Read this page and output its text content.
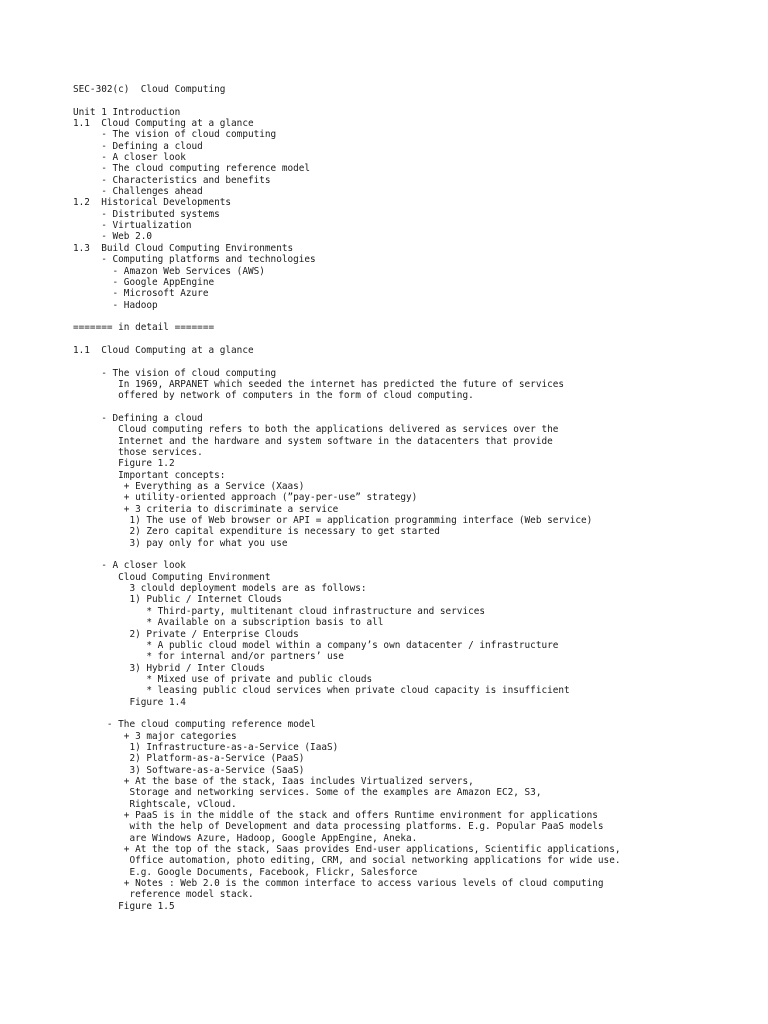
SEC-302(c)  Cloud Computing
Unit 1 Introduction
1.1  Cloud Computing at a glance
- The vision of cloud computing
- Defining a cloud
- A closer look
- The cloud computing reference model
- Characteristics and benefits
- Challenges ahead
1.2  Historical Developments
- Distributed systems
- Virtualization
- Web 2.0
1.3  Build Cloud Computing Environments
- Computing platforms and technologies
- Amazon Web Services (AWS)
- Google AppEngine
- Microsoft Azure
- Hadoop
======= in detail =======
1.1  Cloud Computing at a glance
- The vision of cloud computing
In 1969, ARPANET which seeded the internet has predicted the future of services
offered by network of computers in the form of cloud computing.
- Defining a cloud
Cloud computing refers to both the applications delivered as services over the
Internet and the hardware and system software in the datacenters that provide
those services.
Figure 1.2
Important concepts:
+ Everything as a Service (Xaas)
+ utility-oriented approach (”pay-per-use” strategy)
+ 3 criteria to discriminate a service
1) The use of Web browser or API = application programming interface (Web service)
2) Zero capital expenditure is necessary to get started
3) pay only for what you use
- A closer look
Cloud Computing Environment
3 clould deployment models are as follows:
1) Public / Internet Clouds
* Third-party, multitenant cloud infrastructure and services
* Available on a subscription basis to all
2) Private / Enterprise Clouds
* A public cloud model within a company’s own datacenter / infrastructure
* for internal and/or partners’ use
3) Hybrid / Inter Clouds
* Mixed use of private and public clouds
* leasing public cloud services when private cloud capacity is insufficient
Figure 1.4
- The cloud computing reference model
+ 3 major categories
1) Infrastructure-as-a-Service (IaaS)
2) Platform-as-a-Service (PaaS)
3) Software-as-a-Service (SaaS)
+ At the base of the stack, Iaas includes Virtualized servers,
Storage and networking services. Some of the examples are Amazon EC2, S3,
Rightscale, vCloud.
+ PaaS is in the middle of the stack and offers Runtime environment for applications
with the help of Development and data processing platforms. E.g. Popular PaaS models
are Windows Azure, Hadoop, Google AppEngine, Aneka.
+ At the top of the stack, Saas provides End-user applications, Scientific applications,
Office automation, photo editing, CRM, and social networking applications for wide use.
E.g. Google Documents, Facebook, Flickr, Salesforce
+ Notes : Web 2.0 is the common interface to access various levels of cloud computing
reference model stack.
Figure 1.5
